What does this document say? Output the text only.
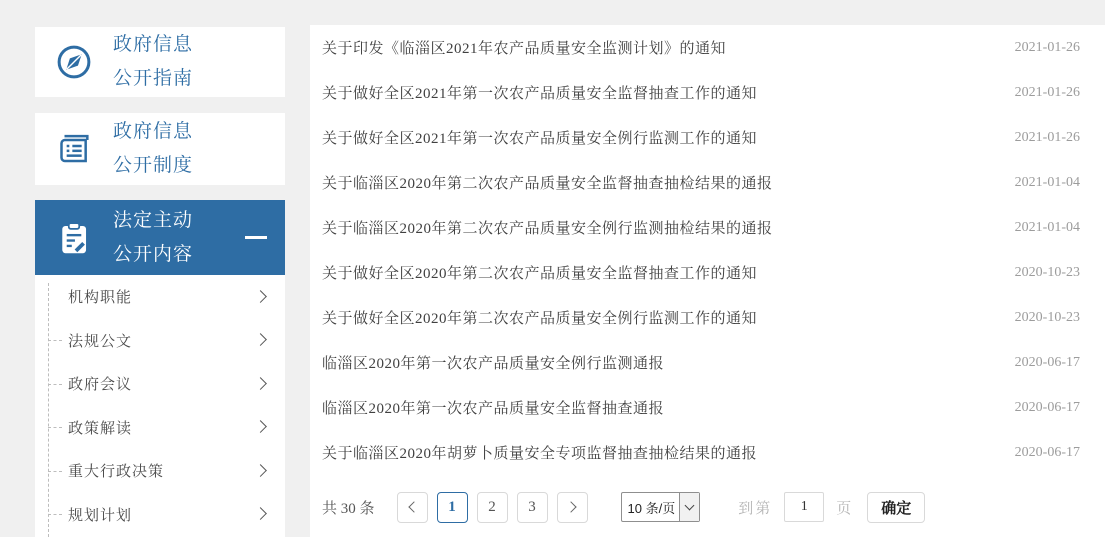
政府信息
公开指南
政府信息
公开制度
法定主动
公开内容
机构职能
法规公文
政府会议
政策解读
重大行政决策
规划计划
关于印发《临淄区2021年农产品质量安全监测计划》的通知	2021-01-26
关于做好全区2021年第一次农产品质量安全监督抽查工作的通知	2021-01-26
关于做好全区2021年第一次农产品质量安全例行监测工作的通知	2021-01-26
关于临淄区2020年第二次农产品质量安全监督抽查抽检结果的通报	2021-01-04
关于临淄区2020年第二次农产品质量安全例行监测抽检结果的通报	2021-01-04
关于做好全区2020年第二次农产品质量安全监督抽查工作的通知	2020-10-23
关于做好全区2020年第二次农产品质量安全例行监测工作的通知	2020-10-23
临淄区2020年第一次农产品质量安全例行监测通报	2020-06-17
临淄区2020年第一次农产品质量安全监督抽查通报	2020-06-17
关于临淄区2020年胡萝卜质量安全专项监督抽查抽检结果的通报	2020-06-17
共 30 条	1	2	3	10 条/页	到第
1	页	确定
